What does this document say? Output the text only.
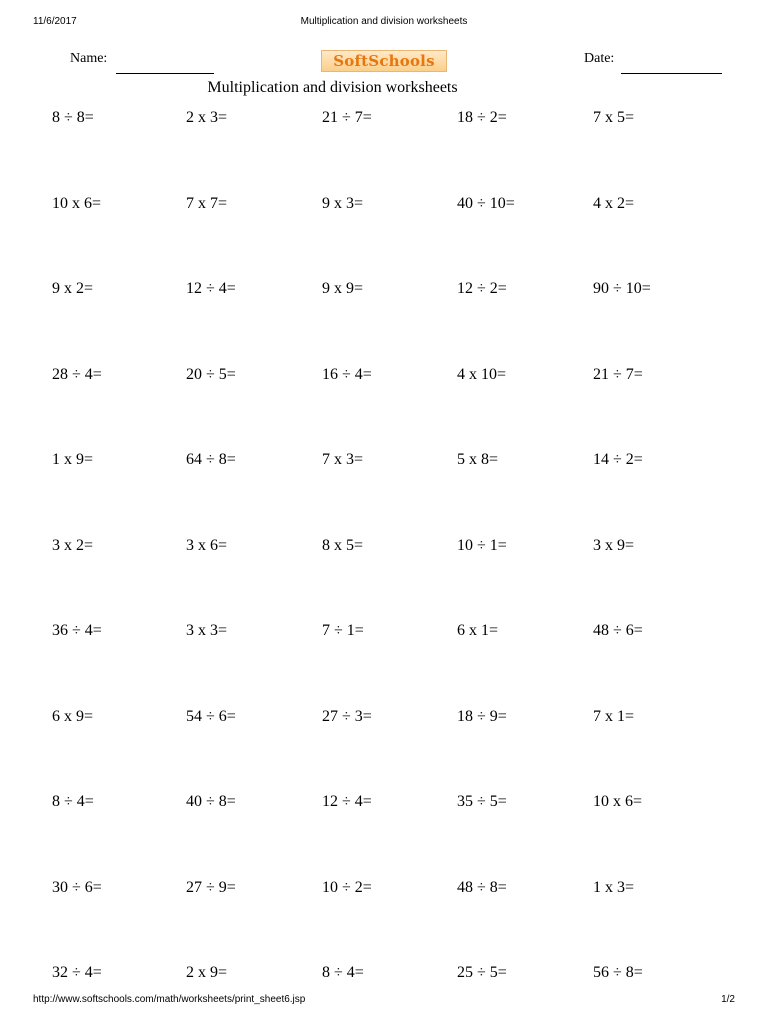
11/6/2017	Multiplication and division worksheets
Name:	SoftSchools	Date:
Multiplication and division worksheets
8 ÷ 8=	2 x 3=	21 ÷ 7=	18 ÷ 2=	7 x 5=
10 x 6=	7 x 7=	9 x 3=	40 ÷ 10=	4 x 2=
9 x 2=	12 ÷ 4=	9 x 9=	12 ÷ 2=	90 ÷ 10=
28 ÷ 4=	20 ÷ 5=	16 ÷ 4=	4 x 10=	21 ÷ 7=
1 x 9=	64 ÷ 8=	7 x 3=	5 x 8=	14 ÷ 2=
3 x 2=	3 x 6=	8 x 5=	10 ÷ 1=	3 x 9=
36 ÷ 4=	3 x 3=	7 ÷ 1=	6 x 1=	48 ÷ 6=
6 x 9=	54 ÷ 6=	27 ÷ 3=	18 ÷ 9=	7 x 1=
8 ÷ 4=	40 ÷ 8=	12 ÷ 4=	35 ÷ 5=	10 x 6=
30 ÷ 6=	27 ÷ 9=	10 ÷ 2=	48 ÷ 8=	1 x 3=
32 ÷ 4=	2 x 9=	8 ÷ 4=	25 ÷ 5=	56 ÷ 8=
http://www.softschools.com/math/worksheets/print_sheet6.jsp	1/2
